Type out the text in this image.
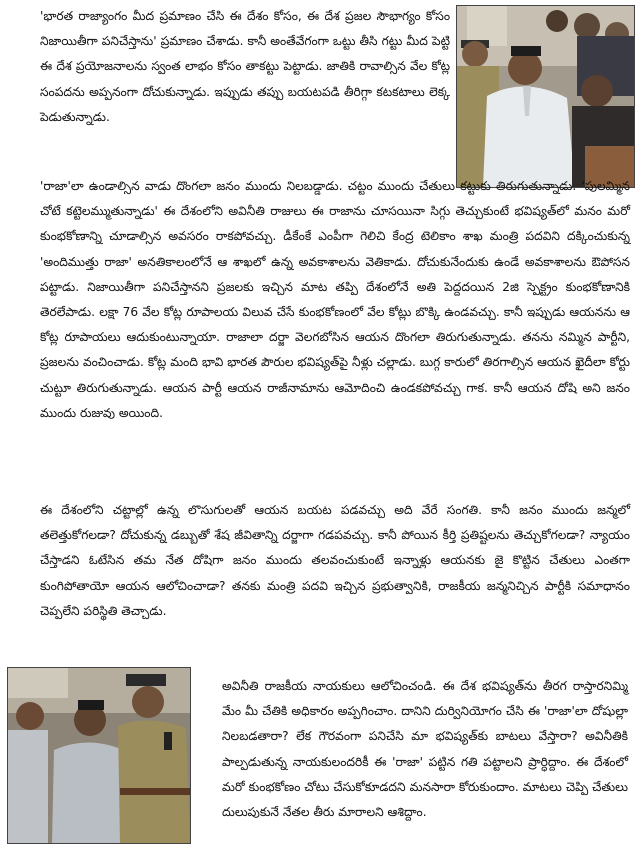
'భారత రాజ్యాంగం మీద ప్రమాణం చేసి ఈ దేశం కోసం, ఈ దేశ ప్రజల సౌభాగ్యం కోసం నిజాయితీగా పనిచేస్తాను' ప్రమాణం చేశాడు. కానీ అంతేవేగంగా ఒట్టు తీసి గట్టు మీద పెట్టి ఈ దేశ ప్రయోజనాలను స్వంత లాభం కోసం తాకట్టు పెట్టాడు. జాతికి రావాల్సిన వేల కోట్ల సంపదను అప్పనంగా దోచుకున్నాడు. ఇప్పుడు తప్పు బయటపడి తీరిగ్గా కటకటాలు లెక్క పెడుతున్నాడు.

'రాజా'లా ఉండాల్సిన వాడు దొంగలా జనం ముందు నిలబడ్డాడు. చట్టం ముందు చేతులు కట్టుకు తిరుగుతున్నాడు. 'పులమ్మిన చోటే కట్టెలమ్ముతున్నాడు' ఈ దేశంలోని అవినీతి రాజులు ఈ రాజాను చూసయినా సిగ్గు తెచ్చుకుంటే భవిష్యత్‌లో మనం మరో కుంభకోణాన్ని చూడాల్సిన అవసరం రాకపోవచ్చు. డీకేంకే ఎంపీగా గెలిచి కేంద్ర టెలికాం శాఖ మంత్రి పదవిని దక్కించుకున్న 'అందిముత్తు రాజా' అనతికాలంలోనే ఆ శాఖలో ఉన్న అవకాశాలను వెతికాడు. దోచుకునేందుకు ఉండే అవకాశాలను ఔపోసన పట్టాడు. నిజాయితీగా పనిచేస్తానని ప్రజలకు ఇచ్చిన మాట తప్పి దేశంలోనే అతి పెద్దదయిన 2జి స్పెక్ట్రం కుంభకోణానికి తెరలేపాడు. లక్షా 76 వేల కోట్ల రూపాలయ విలువ చేసే కుంభకోణంలో వేల కోట్లు బొక్కి ఉండవచ్చు. కానీ ఇప్పుడు ఆయనను ఆ కోట్ల రూపాయలు ఆదుకుంటున్నాయా. రాజాలా దర్జా వెలగబోసిన ఆయన దొంగలా తిరుగుతున్నాడు. తనను నమ్మిన పార్టీని, ప్రజలను వంచించాడు. కోట్ల మంది భావి భారత పౌరుల భవిష్యత్‌పై నీళ్లు చల్లాడు. బుగ్గ కారులో తిరగాల్సిన ఆయన ఖైదీలా కోర్టు చుట్టూ తిరుగుతున్నాడు. ఆయన పార్టీ ఆయన రాజీనామాను ఆమోదించి ఉండకపోవచ్చు గాక. కానీ ఆయన దోషి అని జనం ముందు రుజువు అయింది.

ఈ దేశంలోని చట్టాల్లో ఉన్న లొసుగులతో ఆయన బయట పడవచ్చు అది వేరే సంగతి. కానీ జనం ముందు జన్మలో తలెత్తుకోగలడా? దోచుకున్న డబ్బుతో శేష జీవితాన్ని దర్జాగా గడపవచ్చు. కానీ పోయిన కీర్తి ప్రతిష్టలను తెచ్చుకోగలడా? న్యాయం చేస్తాడని ఓటేసిన తమ నేత దోషిగా జనం ముందు తలవంచుకుంటే ఇన్నాళ్లు ఆయనకు జై కొట్టిన చేతులు ఎంతగా కుంగిపోతాయో ఆయన ఆలోచించాడా? తనకు మంత్రి పదవి ఇచ్చిన ప్రభుత్వానికి, రాజకీయ జన్మనిచ్చిన పార్టీకి సమాధానం చెప్పలేని పరిస్థితి తెచ్చాడు.

అవినీతి రాజకీయ నాయకులు ఆలోచించండి. ఈ దేశ భవిష్యత్‌ను తీరగ రాస్తారనిమ్మి మేం మీ చేతికి అధికారం అప్పగించాం. దానిని దుర్వినియోగం చేసి ఈ 'రాజా'లా దోషుల్లా నిలబడతారా? లేక గౌరవంగా పనిచేసి మా భవిష్యత్‌కు బాటలు వేస్తారా? అవినీతికి పాల్పడుతున్న నాయకులందరికీ ఈ 'రాజా' పట్టిన గతి పట్టాలని ప్రార్ధిద్దాం. ఈ దేశంలో మరో కుంభకోణం చోటు చేసుకోకూడదని మనసారా కోరుకుందాం. మాటలు చెప్పి చేతులు దులుపుకునే నేతల తీరు మారాలని ఆశిద్దాం.
